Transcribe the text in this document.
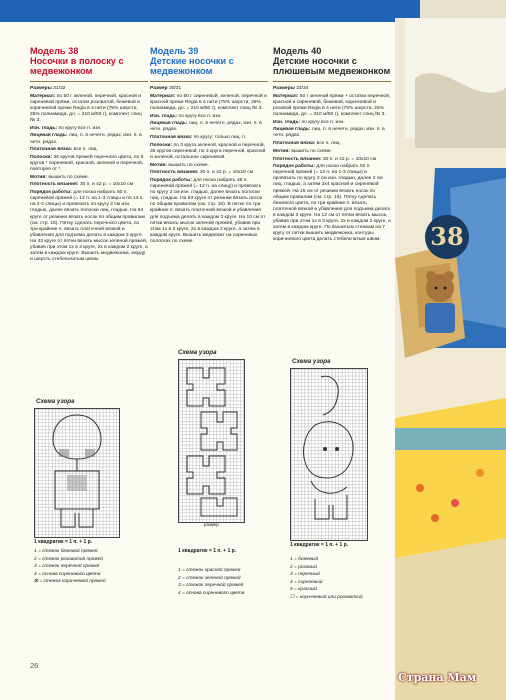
38
Модель 38
Носочки в полоску с медвежонком

Размеры 31/32

Материал: по 50 г зеленой, перечной, красной и сиреневой пряжи, остатки розоватой, бежевой и коричневой пряжи Regia в 4 нити (75% шерсти, 25% полиамида, дл. = 210 м/50 г), комплект спиц № 3.

Изн. гладь: по кругу все п. изн.

Лицевая гладь: лиц. п. в нечетн. рядах, изн. п. в четн. рядах.

Платочная вязка: все п. лиц.

Полоски: 36 кругов пряжей перечного цвета, по 6 кругов * сиреневой, красной, зеленой и перечной, повторяя от *.

Мотив: вышить по схеме.

Плотность вязания: 30 п. и 42 р. = 10х10 см

Порядок работы: для носка набрать 50 п. сиреневой пряжей (= 12 п. на 1-3 спицы и по 13 п. на 2-4 спицы) и провязать по кругу 2 см изн. гладью, далее вязать полоски лиц. гладью. На 54 круге от резинки вязать носок по общим правилам (см. стр. 16). Пятку сделать перечного цвета, по три крайние п. вязать платочной вязкой и убавления для подъема делать в каждом 3 круге. На 42 круге от пятки вязать мысок зеленой пряжей, убавив при этом 1х в 3 круге, 2х в каждом 2 круге, а затем в каждом круге. Вышить медвежонка, мордý и шерсть стебельчатым швом.

Модель 39
Детские носочки с медвежонком

Размер 30/31

Материал: по 50 г сиреневой, зеленой, перечной и красной пряжи Regia в 4 нити (75% шерсти, 25% полиамида, дл. = 210 м/50 г), комплект спиц № 3.

Изн. гладь: по кругу все п. изн.

Лицевая гладь: лиц. п. в нечетн. рядах, изн. п. в четн. рядах.

Платочная вязка: по кругу: только лиц. п.

Полоски: по 3 круга зеленой, красной и перечной, 35 кругов сиреневой, по 3 круга перечной, красной и зеленой, остальное сиреневой.

Мотив: вышить по схеме.

Плотность вязания: 30 п. и 42 р. = 10х10 см

Порядок работы: для носка набрать 48 п. сиреневой пряжей (= 12 п. на спицу) и провязать по кругу 2 см изн. гладью, далее вязать полоски лиц. гладью. На 53 круге от резинки вязать носок по общим правилам (см. стр. 16). В пятке по три крайние п. вязать платочной вязкой и убавления для подъема делать в каждом 3 круге. На 10 см от пятки вязать мысок зеленой пряжей, убавив при этом 1х в 3 круге, 2х в каждом 2 круге, а затем в каждом круге. Вышить медвежат на сиреневых полосках по схеме.

Модель 40
Детские носочки с плюшевым медвежонком

Размеры 33/34

Материал: 50 г зеленой пряжи + остатки перечной, красной и сиреневой, бежевой, коричневой и розовой пряжи Regia в 4 нити (75% шерсти, 25% полиамида, дл. = 210 м/50 г), комплект спиц № 3.

Изн. гладь: по кругу все п. изн.

Лицевая гладь: лиц. п. в нечетн. рядах, изн. п. в четн. рядах.

Платочная вязка: все п. лиц.

Мотив: вышить по схеме.

Плотность вязания: 30 п. и 42 р. = 10х10 см

Порядок работы: для носка набрать 52 п. перечной пряжей (= 13 п. на 1-3 спицы) и провязать по кругу 2 см изн. гладью, далее 2 см лиц. гладью, а затем 2х4 красной и сиреневой пряжей. На 15 см от резинки вязать носок по общим правилам (см. стр. 16). Пятку сделать бежевого цвета, по три крайние п. вязать платочной вязкой и убавления для подъема делать в каждом 3 круге. На 12 см от пятки вязать мысок, убавив при этом 1х в 3 круге, 2х в каждом 2 круге, а затем в каждом круге. По вышитым стежкам на 7 кругу от пятки вышить медвежонка, контуры коричневого цвета делать стебельчатым швом.

Схема узора
1 квадратик = 1 п. + 1 р.
1 = стежок бежевой пряжей
2 = стежок розоватой пряжей
3 = стежок перечной пряжей
4 = основа сиреневого цвета
⊠ = стежок коричневой пряжей
Схема узора
размер
1 квадратик = 1 п. + 1 р.
1 = стежок красной пряжей
2 = стежок зеленой пряжей
3 = стежок перечной пряжей
4 = основа сиреневого цвета
Схема узора
1 квадратик = 1 п. + 1 р.
1 = бежевый
2 = розовый
3 = перечный
4 = сиреневый
5 = красный
☐ = коричневый или розоватый
26
Страна Мам
